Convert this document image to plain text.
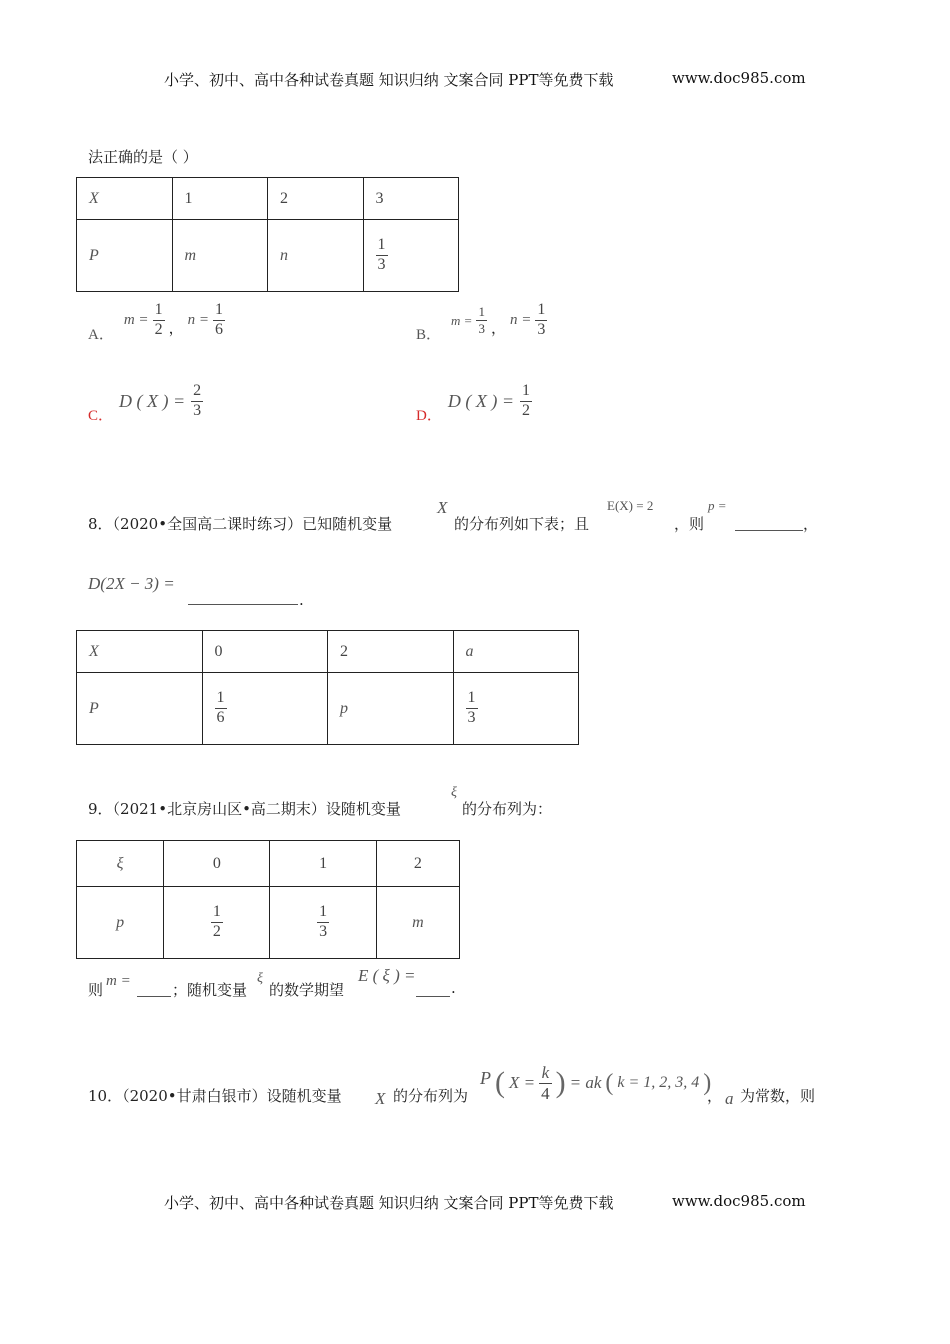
小学、初中、高中各种试卷真题 知识归纳 文案合同 PPT等免费下载	www.doc985.com
法正确的是（ ）
X	1	2	3
P	m	n	$\frac{1}{3}$
A．
$m = \frac{1}{2}$ ， $n = \frac{1}{6}$	B．
$m = \frac{1}{3}$ ， $n = \frac{1}{3}$
C．
D ( X ) = $\frac{2}{3}$	D．
D ( X ) = $\frac{1}{2}$
8．（2020•全国高二课时练习）已知随机变量
X
的分布列如下表；且
E(X) = 2
，则
p =
，
D(2X − 3) =
.
X	0	2	a
P	$\frac{1}{6}$	p	$\frac{1}{3}$
9．（2021•北京房山区•高二期末）设随机变量
ξ
的分布列为：
ξ	0	1	2
p	$\frac{1}{2}$	$\frac{1}{3}$	m
则 m =	；随机变量
ξ
的数学期望
E ( ξ ) =
.
10．（2020•甘肃白银市）设随机变量 X 的分布列为
P ( $X = \frac{k}{4}$ ) = ak ( k = 1, 2, 3, 4 )
， a 为常数，则
小学、初中、高中各种试卷真题 知识归纳 文案合同 PPT等免费下载	www.doc985.com
